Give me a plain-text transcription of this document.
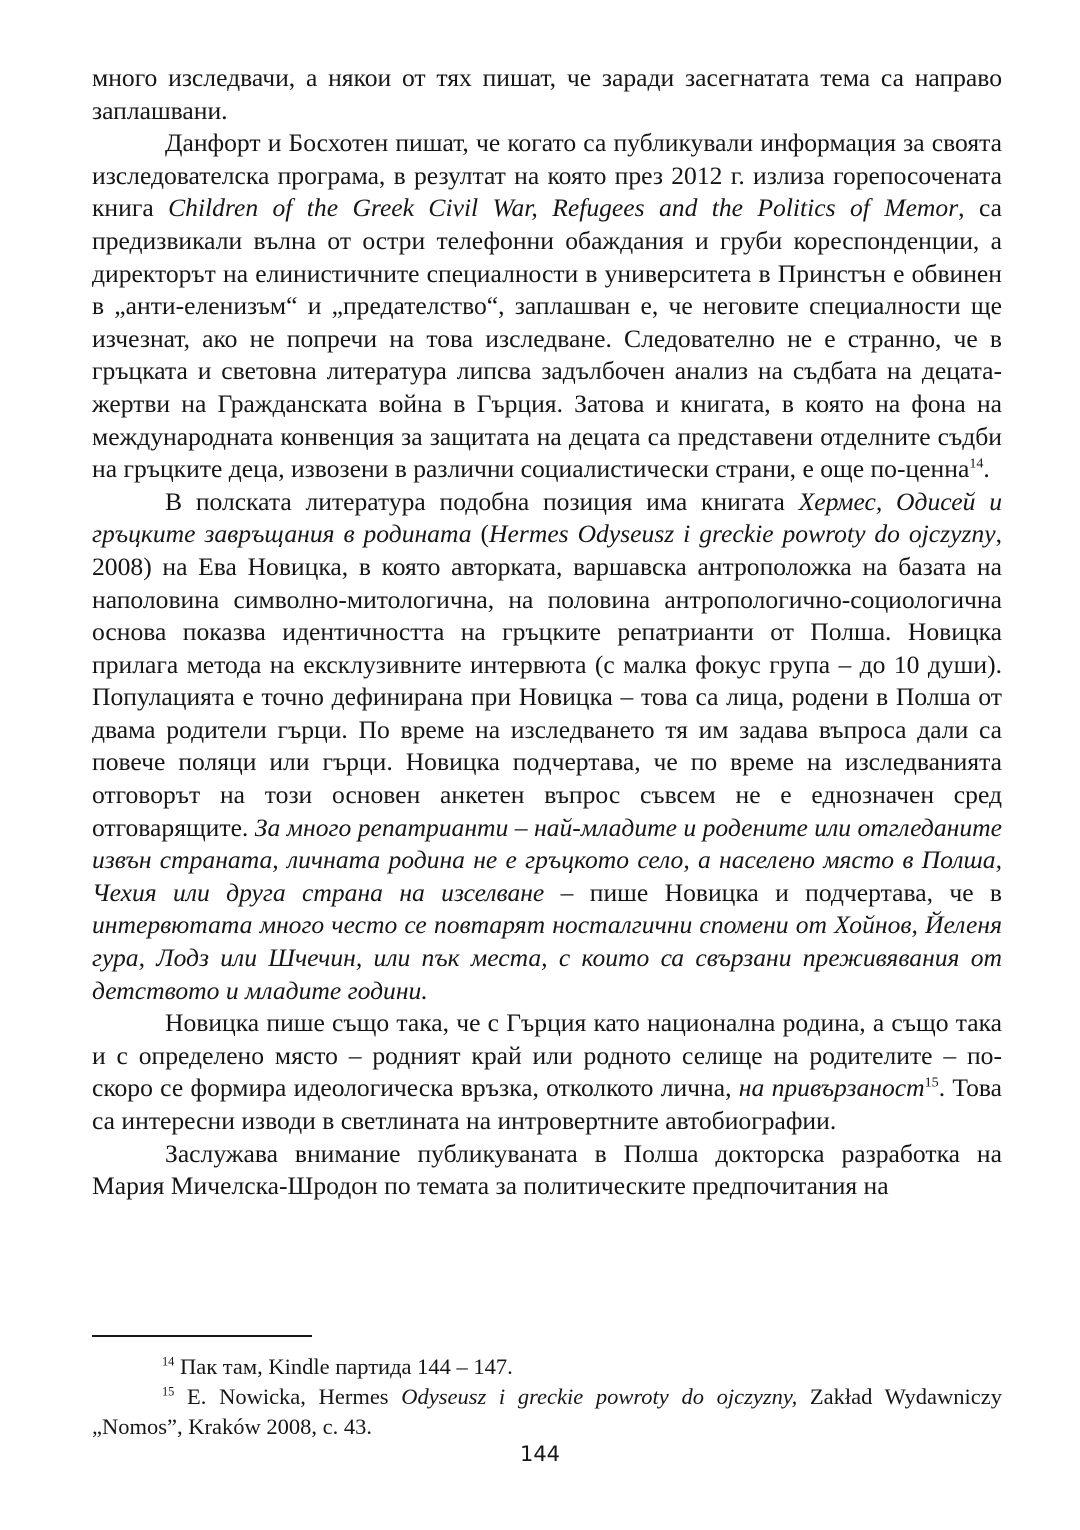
много изследвачи, а някои от тях пишат, че заради засегнатата тема са направо заплашвани.

Данфорт и Босхотен пишат, че когато са публикували информация за своята изследователска програма, в резултат на която през 2012 г. излиза горепосочената книга Children of the Greek Civil War, Refugees and the Politics of Memor, са предизвикали вълна от остри телефонни обаждания и груби кореспонденции, а директорът на елинистичните специалности в университета в Принстън е обвинен в „анти-еленизъм“ и „предателство“, заплашван е, че неговите специалности ще изчезнат, ако не попречи на това изследване. Следователно не е странно, че в гръцката и световна литература липсва задълбочен анализ на съдбата на децата-жертви на Гражданската война в Гърция. Затова и книгата, в която на фона на международната конвенция за защитата на децата са представени отделните съдби на гръцките деца, извозени в различни социалистически страни, е още по-ценна$^{14}$.

В полската литература подобна позиция има книгата Хермес, Одисей и гръцките завръщания в родината (Hermes Odyseusz i greckie powroty do ojczyzny, 2008) на Ева Новицка, в която авторката, варшавска антроположка на базата на наполовина символно-митологична, на половина антропологично-социологична основа показва идентичността на гръцките репатрианти от Полша. Новицка прилага метода на ексклузивните интервюта (с малка фокус група – до 10 души). Популацията е точно дефинирана при Новицка – това са лица, родени в Полша от двама родители гърци. По време на изследването тя им задава въпроса дали са повече поляци или гърци. Новицка подчертава, че по време на изследванията отговорът на този основен анкетен въпрос съвсем не е еднозначен сред отговарящите. За много репатрианти – най-младите и родените или отгледаните извън страната, личната родина не е гръцкото село, а населено място в Полша, Чехия или друга страна на изселване – пише Новицка и подчертава, че в интервютата много често се повтарят носталгични спомени от Хойнов, Йеленя гура, Лодз или Шчечин, или пък места, с които са свързани преживявания от детството и младите години.

Новицка пише също така, че с Гърция като национална родина, а също така и с определено място – родният край или родното селище на родителите – по-скоро се формира идеологическа връзка, отколкото лична, на привързаност$^{15}$. Това са интересни изводи в светлината на интровертните автобиографии.

Заслужава внимание публикуваната в Полша докторска разработка на Мария Мичелска-Шродон по темата за политическите предпочитания на

$^{14}$ Пак там, Kindle партида 144 – 147.

$^{15}$ E. Nowicka, Hermes Odyseusz i greckie powroty do ojczyzny, Zakład Wydawniczy „Nomos”, Kraków 2008, с. 43.

144
